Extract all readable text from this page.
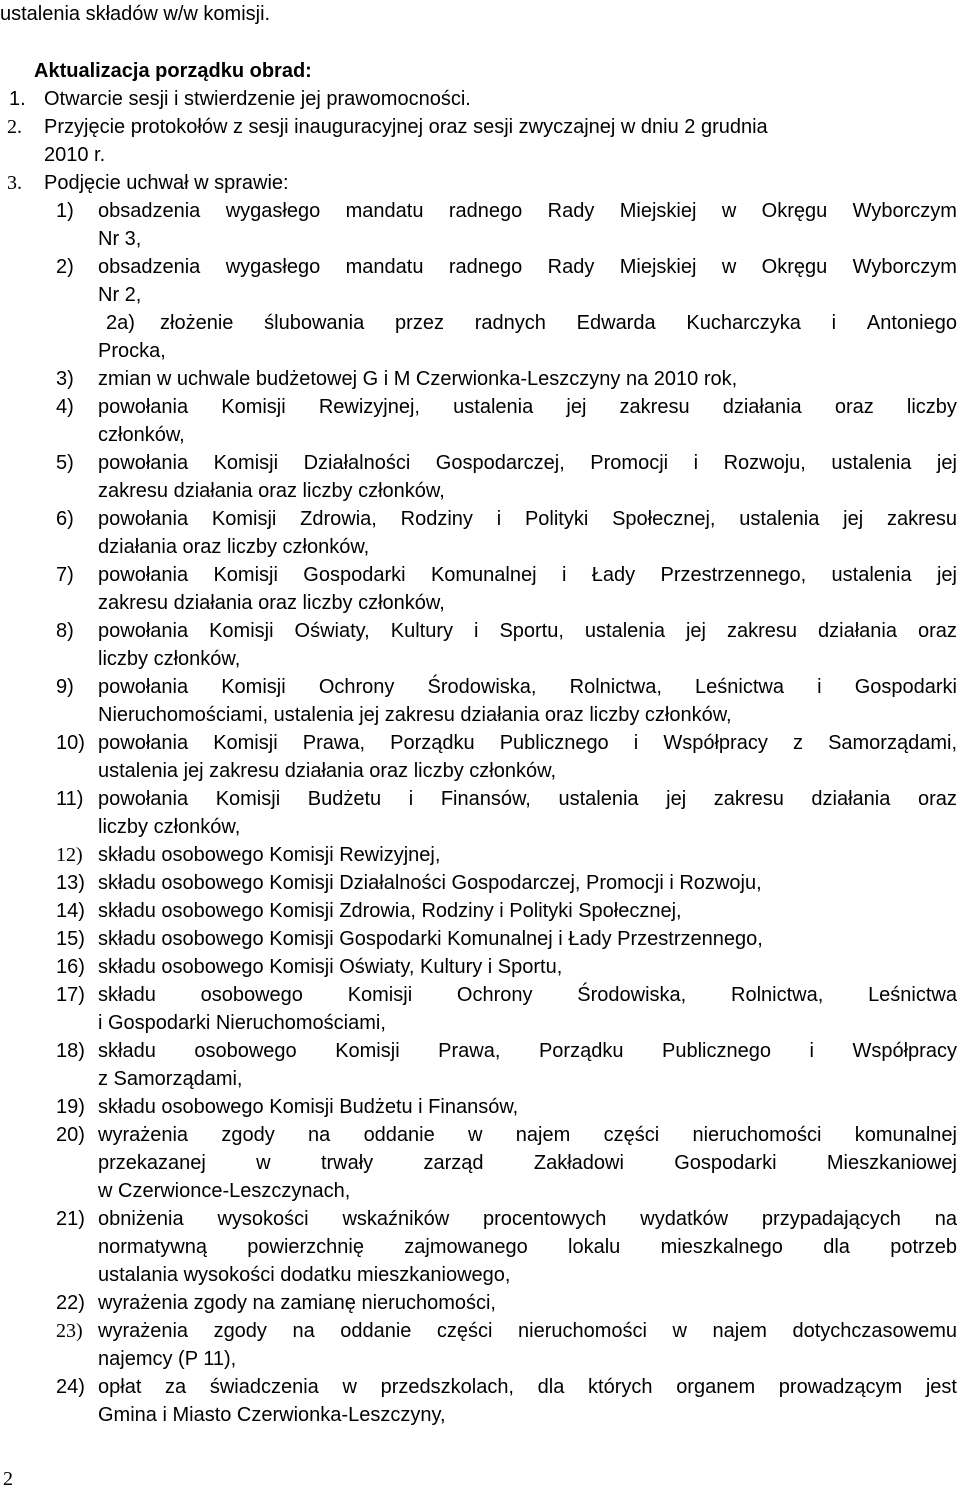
ustalenia składów w/w komisji.
Aktualizacja porządku obrad:
1. Otwarcie sesji i stwierdzenie jej prawomocności.
2. Przyjęcie protokołów z sesji inauguracyjnej oraz sesji zwyczajnej w dniu 2 grudnia
2010 r.
3. Podjęcie uchwał w sprawie:
1) obsadzenia wygasłego mandatu radnego Rady Miejskiej w Okręgu Wyborczym
Nr 3,
2) obsadzenia wygasłego mandatu radnego Rady Miejskiej w Okręgu Wyborczym
Nr 2,
2a) złożenie ślubowania przez radnych Edwarda Kucharczyka i Antoniego
Procka,
3) zmian w uchwale budżetowej G i M Czerwionka-Leszczyny na 2010 rok,
4) powołania Komisji Rewizyjnej, ustalenia jej zakresu działania oraz liczby
członków,
5) powołania Komisji Działalności Gospodarczej, Promocji i Rozwoju, ustalenia jej
zakresu działania oraz liczby członków,
6) powołania Komisji Zdrowia, Rodziny i Polityki Społecznej, ustalenia jej zakresu
działania oraz liczby członków,
7) powołania Komisji Gospodarki Komunalnej i Ładу Przestrzennego, ustalenia jej
zakresu działania oraz liczby członków,
8) powołania Komisji Oświaty, Kultury i Sportu, ustalenia jej zakresu działania oraz
liczby członków,
9) powołania Komisji Ochrony Środowiska, Rolnictwa, Leśnictwa i Gospodarki
Nieruchomościami, ustalenia jej zakresu działania oraz liczby członków,
10) powołania Komisji Prawa, Porządku Publicznego i Współpracy z Samorządami,
ustalenia jej zakresu działania oraz liczby członków,
11) powołania Komisji Budżetu i Finansów, ustalenia jej zakresu działania oraz
liczby członków,
12) składu osobowego Komisji Rewizyjnej,
13) składu osobowego Komisji Działalności Gospodarczej, Promocji i Rozwoju,
14) składu osobowego Komisji Zdrowia, Rodziny i Polityki Społecznej,
15) składu osobowego Komisji Gospodarki Komunalnej i Ładу Przestrzennego,
16) składu osobowego Komisji Oświaty, Kultury i Sportu,
17) składu osobowego Komisji Ochrony Środowiska, Rolnictwa, Leśnictwa
i Gospodarki Nieruchomościami,
18) składu osobowego Komisji Prawa, Porządku Publicznego i Współpracy
z Samorządami,
19) składu osobowego Komisji Budżetu i Finansów,
20) wyrażenia zgody na oddanie w najem części nieruchomości komunalnej
przekazanej	w	trwały	zarząd	Zakładowi	Gospodarki	Mieszkaniowej
w Czerwionce-Leszczynach,
21) obniżenia wysokości wskaźników procentowych wydatków przypadających na
normatywną powierzchnię zajmowanego lokalu mieszkalnego dla potrzeb
ustalania wysokości dodatku mieszkaniowego,
22) wyrażenia zgody na zamianę nieruchomości,
23) wyrażenia zgody na oddanie części nieruchomości w najem dotychczasowemu
najemcy (P 11),
24) opłat za świadczenia w przedszkolach, dla których organem prowadzącym jest
Gmina i Miasto Czerwionka-Leszczyny,
2
